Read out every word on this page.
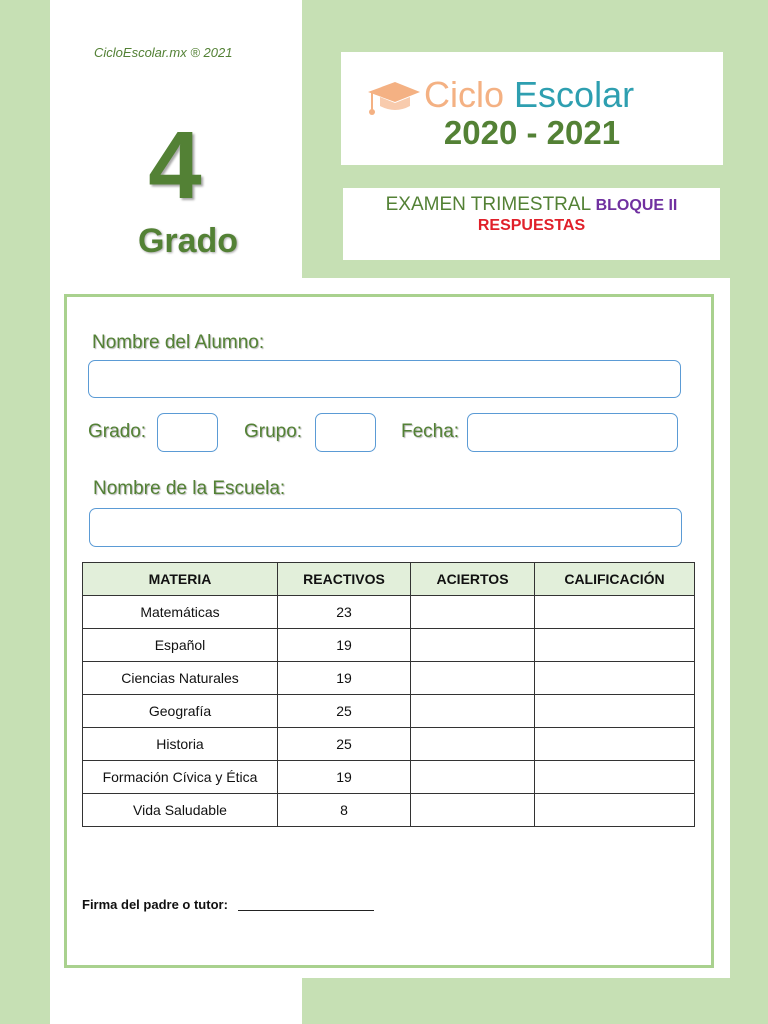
CicloEscolar.mx ® 2021
4
Grado
Ciclo Escolar
2020 - 2021
EXAMEN TRIMESTRAL BLOQUE II
RESPUESTAS
Nombre del Alumno:
Grado:	Grupo:	Fecha:
Nombre de la Escuela:
MATERIA	REACTIVOS	ACIERTOS	CALIFICACIÓN
Matemáticas	23		
Español	19		
Ciencias Naturales	19		
Geografía	25		
Historia	25		
Formación Cívica y Ética	19		
Vida Saludable	8		
Firma del padre o tutor:
